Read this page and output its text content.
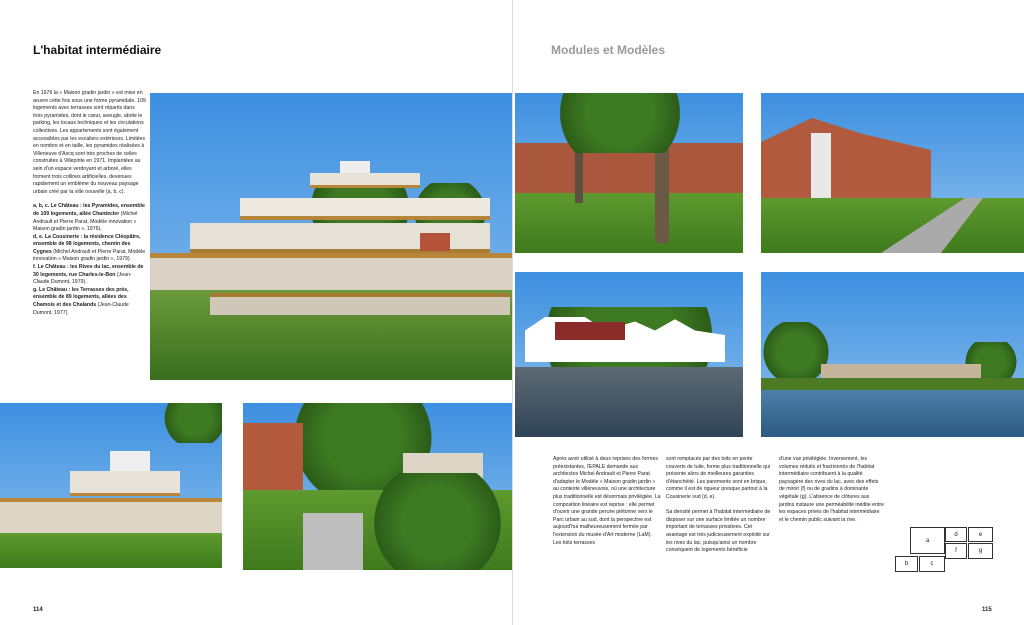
L'habitat intermédiaire

En 1976 la « Maison gradin jardin » est mise en œuvre cette fois sous une forme pyramidale. 109 logements avec terrasses sont répartis dans trois pyramides, dont le cœur, aveugle, abrite le parking, les locaux techniques et les circulations collectives. Les appartements sont également accessibles par les escaliers extérieurs. Limitées en nombre et en taille, les pyramides réalisées à Villeneuve d'Ascq sont très proches de celles construites à Villepinte en 1971. Implantées au sein d'un espace verdoyant et arboré, elles forment trois collines artificielles, devenues rapidement un emblème du nouveau paysage urbain créé par la ville nouvelle (a, b, c).

a, b, c. Le Château : les Pyramides, ensemble de 109 logements, allée Chantecler (Michel Andrault et Pierre Parat, Modèle innovation « Maison gradin jardin », 1976).
d, e. La Cousinerie : la résidence Cléopâtre, ensemble de 98 logements, chemin des Cygnes (Michel Andrault et Pierre Parat, Modèle innovation « Maison gradin jardin », 1979).
f. Le Château : les Rives du lac, ensemble de 30 logements, rue Charles-le-Bon (Jean-Claude Dumont, 1979).
g. Le Château : les Terrasses des prés, ensemble de 89 logements, allées des Chamois et des Chalands (Jean-Claude Dumont, 1977).
114
Modules et Modèles
Après avoir utilisé à deux reprises des formes préexistantes, l'EPALE demande aux architectes Michel Andrault et Pierre Parat d'adapter le Modèle « Maison gradin jardin » au contexte villeneuvois, où une architecture plus traditionnelle est désormais privilégiée. La composition linéaire est reprise : elle permet d'ouvrir une grande percée piétonne vers le Parc urbain au sud, dont la perspective est aujourd'hui malheureusement fermée par l'extension du musée d'Art moderne (LaM). Les toits terrasses
sont remplacés par des toits en pente couverts de tuile, forme plus traditionnelle qui présente alors de meilleures garanties d'étanchéité. Les parements sont en brique, comme il est de rigueur presque partout à la Cousinerie sud (d, e).

Sa densité permet à l'habitat intermédiaire de disposer sur une surface limitée un nombre important de terrasses privatives. Cet avantage est très judicieusement exploité sur les rives du lac, puisqu'ainsi un nombre conséquent de logements bénéficie
d'une vue privilégiée. Inversement, les volumes réduits et fractionnés de l'habitat intermédiaire contribuent à la qualité paysagère des rives du lac, avec des effets de miroir (f) ou de gradins à dominante végétale (g). L'absence de clôtures aux jardins instaure une perméabilité inédite entre les espaces privés de l'habitat intermédiaire et le chemin public suivant la rive.
a
d	e
f	g
b	c
115
